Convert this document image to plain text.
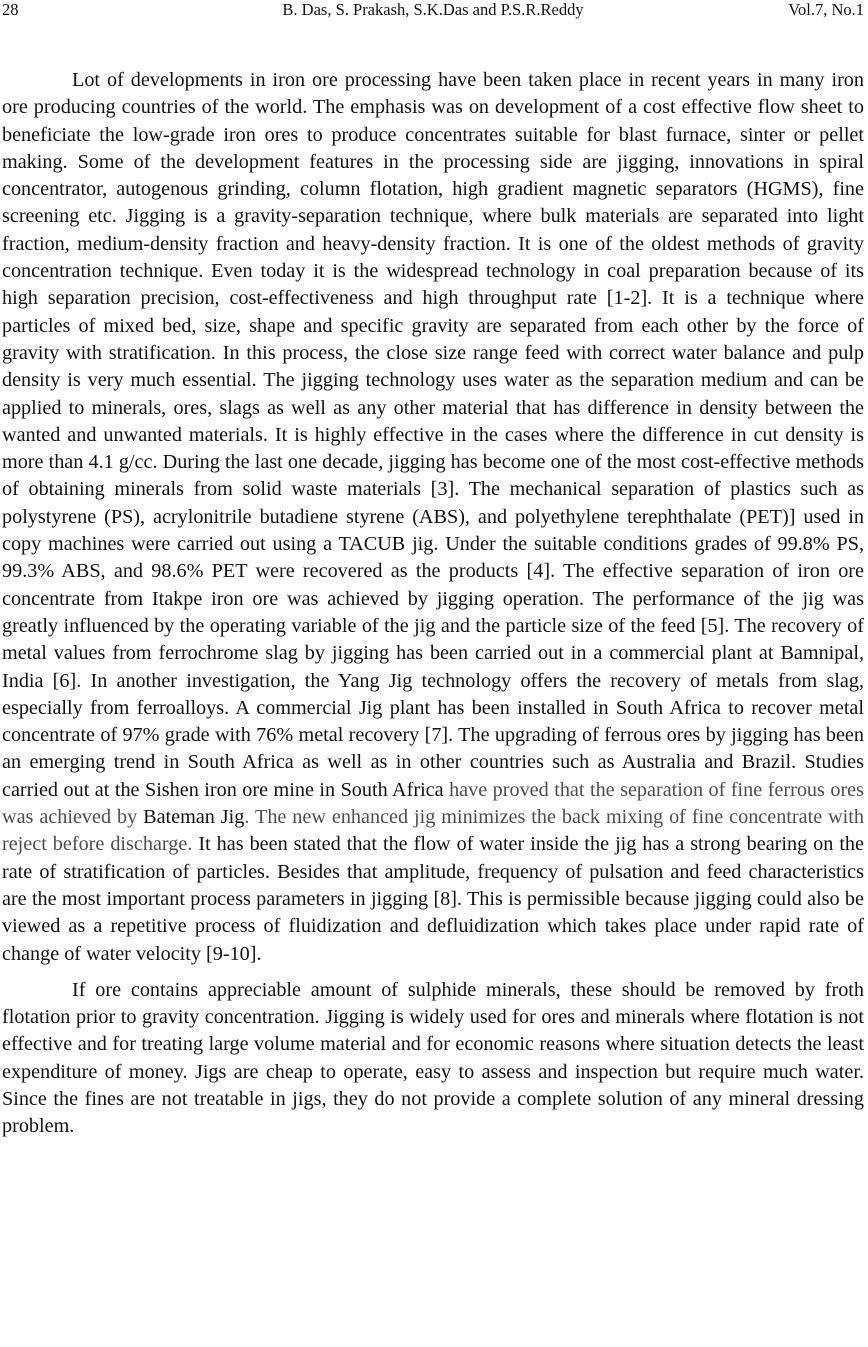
28	B. Das, S. Prakash, S.K.Das and P.S.R.Reddy	Vol.7, No.1

Lot of developments in iron ore processing have been taken place in recent years in many iron ore producing countries of the world. The emphasis was on development of a cost effective flow sheet to beneficiate the low-grade iron ores to produce concentrates suitable for blast furnace, sinter or pellet making. Some of the development features in the processing side are jigging, innovations in spiral concentrator, autogenous grinding, column flotation, high gradient magnetic separators (HGMS), fine screening etc. Jigging is a gravity-separation technique, where bulk materials are separated into light fraction, medium-density fraction and heavy-density fraction. It is one of the oldest methods of gravity concentration technique. Even today it is the widespread technology in coal preparation because of its high separation precision, cost-effectiveness and high throughput rate [1-2]. It is a technique where particles of mixed bed, size, shape and specific gravity are separated from each other by the force of gravity with stratification. In this process, the close size range feed with correct water balance and pulp density is very much essential. The jigging technology uses water as the separation medium and can be applied to minerals, ores, slags as well as any other material that has difference in density between the wanted and unwanted materials. It is highly effective in the cases where the difference in cut density is more than 4.1 g/cc. During the last one decade, jigging has become one of the most cost-effective methods of obtaining minerals from solid waste materials [3]. The mechanical separation of plastics such as polystyrene (PS), acrylonitrile butadiene styrene (ABS), and polyethylene terephthalate (PET)] used in copy machines were carried out using a TACUB jig. Under the suitable conditions grades of 99.8% PS, 99.3% ABS, and 98.6% PET were recovered as the products [4]. The effective separation of iron ore concentrate from Itakpe iron ore was achieved by jigging operation. The performance of the jig was greatly influenced by the operating variable of the jig and the particle size of the feed [5]. The recovery of metal values from ferrochrome slag by jigging has been carried out in a commercial plant at Bamnipal, India [6]. In another investigation, the Yang Jig technology offers the recovery of metals from slag, especially from ferroalloys. A commercial Jig plant has been installed in South Africa to recover metal concentrate of 97% grade with 76% metal recovery [7]. The upgrading of ferrous ores by jigging has been an emerging trend in South Africa as well as in other countries such as Australia and Brazil. Studies carried out at the Sishen iron ore mine in South Africa have proved that the separation of fine ferrous ores was achieved by Bateman Jig. The new enhanced jig minimizes the back mixing of fine concentrate with reject before discharge. It has been stated that the flow of water inside the jig has a strong bearing on the rate of stratification of particles. Besides that amplitude, frequency of pulsation and feed characteristics are the most important process parameters in jigging [8]. This is permissible because jigging could also be viewed as a repetitive process of fluidization and defluidization which takes place under rapid rate of change of water velocity [9-10].

If ore contains appreciable amount of sulphide minerals, these should be removed by froth flotation prior to gravity concentration. Jigging is widely used for ores and minerals where flotation is not effective and for treating large volume material and for economic reasons where situation detects the least expenditure of money. Jigs are cheap to operate, easy to assess and inspection but require much water. Since the fines are not treatable in jigs, they do not provide a complete solution of any mineral dressing problem.
